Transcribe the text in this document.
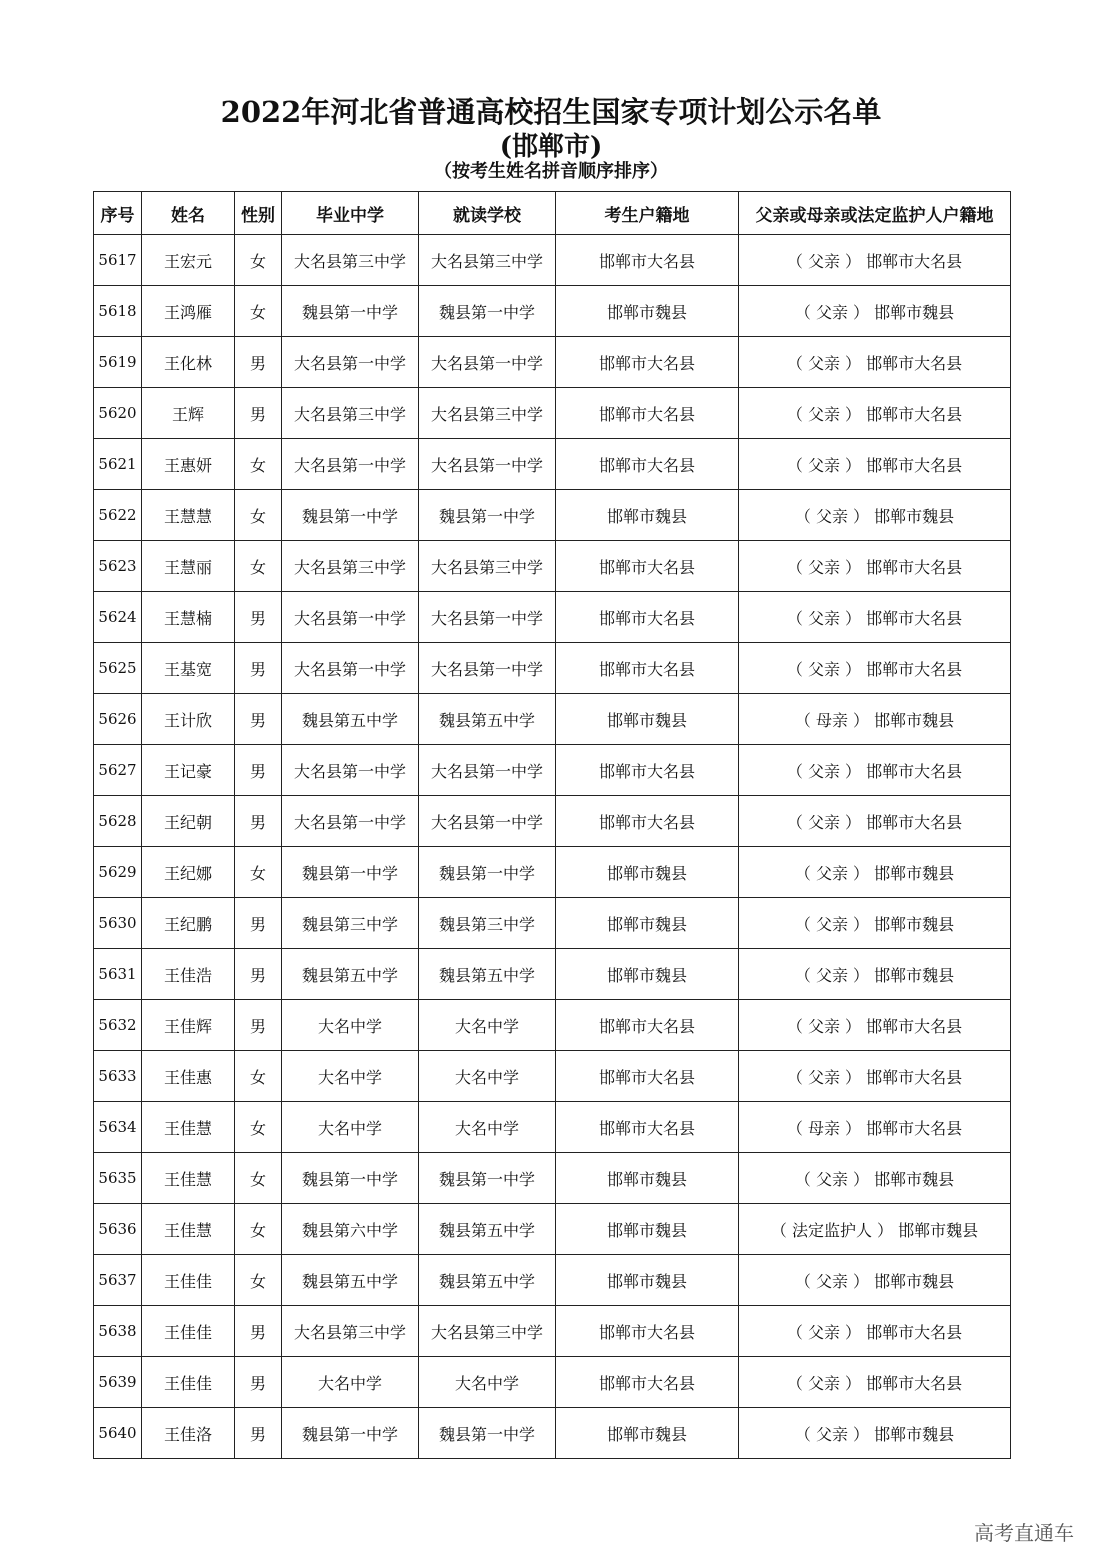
2022年河北省普通高校招生国家专项计划公示名单
(邯郸市)
（按考生姓名拼音顺序排序）
序号	姓名	性别	毕业中学	就读学校	考生户籍地	父亲或母亲或法定监护人户籍地
5617	王宏元	女	大名县第三中学	大名县第三中学	邯郸市大名县	（ 父亲 ） 邯郸市大名县
5618	王鸿雁	女	魏县第一中学	魏县第一中学	邯郸市魏县	（ 父亲 ） 邯郸市魏县
5619	王化林	男	大名县第一中学	大名县第一中学	邯郸市大名县	（ 父亲 ） 邯郸市大名县
5620	王辉	男	大名县第三中学	大名县第三中学	邯郸市大名县	（ 父亲 ） 邯郸市大名县
5621	王惠妍	女	大名县第一中学	大名县第一中学	邯郸市大名县	（ 父亲 ） 邯郸市大名县
5622	王慧慧	女	魏县第一中学	魏县第一中学	邯郸市魏县	（ 父亲 ） 邯郸市魏县
5623	王慧丽	女	大名县第三中学	大名县第三中学	邯郸市大名县	（ 父亲 ） 邯郸市大名县
5624	王慧楠	男	大名县第一中学	大名县第一中学	邯郸市大名县	（ 父亲 ） 邯郸市大名县
5625	王基宽	男	大名县第一中学	大名县第一中学	邯郸市大名县	（ 父亲 ） 邯郸市大名县
5626	王计欣	男	魏县第五中学	魏县第五中学	邯郸市魏县	（ 母亲 ） 邯郸市魏县
5627	王记豪	男	大名县第一中学	大名县第一中学	邯郸市大名县	（ 父亲 ） 邯郸市大名县
5628	王纪朝	男	大名县第一中学	大名县第一中学	邯郸市大名县	（ 父亲 ） 邯郸市大名县
5629	王纪娜	女	魏县第一中学	魏县第一中学	邯郸市魏县	（ 父亲 ） 邯郸市魏县
5630	王纪鹏	男	魏县第三中学	魏县第三中学	邯郸市魏县	（ 父亲 ） 邯郸市魏县
5631	王佳浩	男	魏县第五中学	魏县第五中学	邯郸市魏县	（ 父亲 ） 邯郸市魏县
5632	王佳辉	男	大名中学	大名中学	邯郸市大名县	（ 父亲 ） 邯郸市大名县
5633	王佳惠	女	大名中学	大名中学	邯郸市大名县	（ 父亲 ） 邯郸市大名县
5634	王佳慧	女	大名中学	大名中学	邯郸市大名县	（ 母亲 ） 邯郸市大名县
5635	王佳慧	女	魏县第一中学	魏县第一中学	邯郸市魏县	（ 父亲 ） 邯郸市魏县
5636	王佳慧	女	魏县第六中学	魏县第五中学	邯郸市魏县	（ 法定监护人 ） 邯郸市魏县
5637	王佳佳	女	魏县第五中学	魏县第五中学	邯郸市魏县	（ 父亲 ） 邯郸市魏县
5638	王佳佳	男	大名县第三中学	大名县第三中学	邯郸市大名县	（ 父亲 ） 邯郸市大名县
5639	王佳佳	男	大名中学	大名中学	邯郸市大名县	（ 父亲 ） 邯郸市大名县
5640	王佳洛	男	魏县第一中学	魏县第一中学	邯郸市魏县	（ 父亲 ） 邯郸市魏县
高考直通车
